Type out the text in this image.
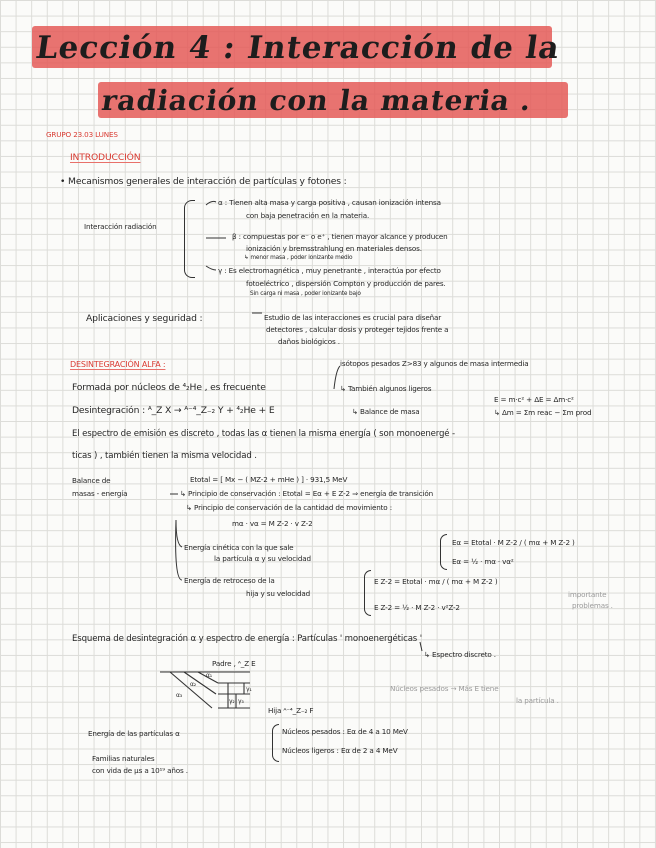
Lección 4 : Interacción de la
radiación con la materia .
GRUPO 23.03 LUNES
INTRODUCCIÓN
• Mecanismos generales de interacción de partículas y fotones :
Interacción radiación
α : Tienen alta masa y carga positiva , causan ionización intensa
con baja penetración en la materia.
β : compuestas por e⁻ o e⁺ , tienen mayor alcance y producen
ionización y bremsstrahlung en materiales densos.
↳ menor masa , poder ionizante medio
γ : Es electromagnética , muy penetrante , interactúa por efecto
fotoeléctrico , dispersión Compton y producción de pares.
Sin carga ni masa , poder ionizante bajo
Aplicaciones y seguridad :	Estudio de las interacciones es crucial para diseñar
detectores , calcular dosis y proteger tejidos frente a
daños biológicos .
DESINTEGRACIÓN ALFA :	isótopos pesados Z>83 y algunos de masa intermedia
Formada por núcleos de ⁴₂He , es frecuente	↳ También algunos ligeros
Desintegración : ᴬ_Z X → ᴬ⁻⁴_Z₋₂ Y + ⁴₂He + E	↳ Balance de masa
E = m·c² + ΔE = Δm·c²
↳ Δm = Σm reac − Σm prod
El espectro de emisión es discreto , todas las α tienen la misma energía ( son monoenergé -
ticas ) , también tienen la misma velocidad .
Balance de
masas - energía
Etotal = [ Mx − ( MZ-2 + mHe ) ] · 931,5 MeV
↳ Principio de conservación : Etotal = Eα + E Z-2 ⇒ energía de transición
↳ Principio de conservación de la cantidad de movimiento :
mα · vα = M Z-2 · v Z-2
Energía cinética con la que sale
la partícula α y su velocidad
Eα = Etotal · M Z-2 / ( mα + M Z-2 )
Eα = ½ · mα · vα²
Energía de retroceso de la
hija y su velocidad
E Z-2 = Etotal · mα / ( mα + M Z-2 )
E Z-2 = ½ · M Z-2 · v²Z-2
importante
problemas .
Esquema de desintegración α y espectro de energía : Partículas ' monoenergéticas '
↳ Espectro discreto .
Padre , ᴬ_Z E
Hija ᴬ⁻⁴_Z₋₂ F
α₁
α₂
α₃
γ₁
γ₂ γ₃
Núcleos pesados → Más E tiene
la partícula .
Energía de las partículas α	Núcleos pesados : Eα de 4 a 10 MeV
Núcleos ligeros : Eα de 2 a 4 MeV
Familias naturales
con vida de μs a 10¹⁹ años .
